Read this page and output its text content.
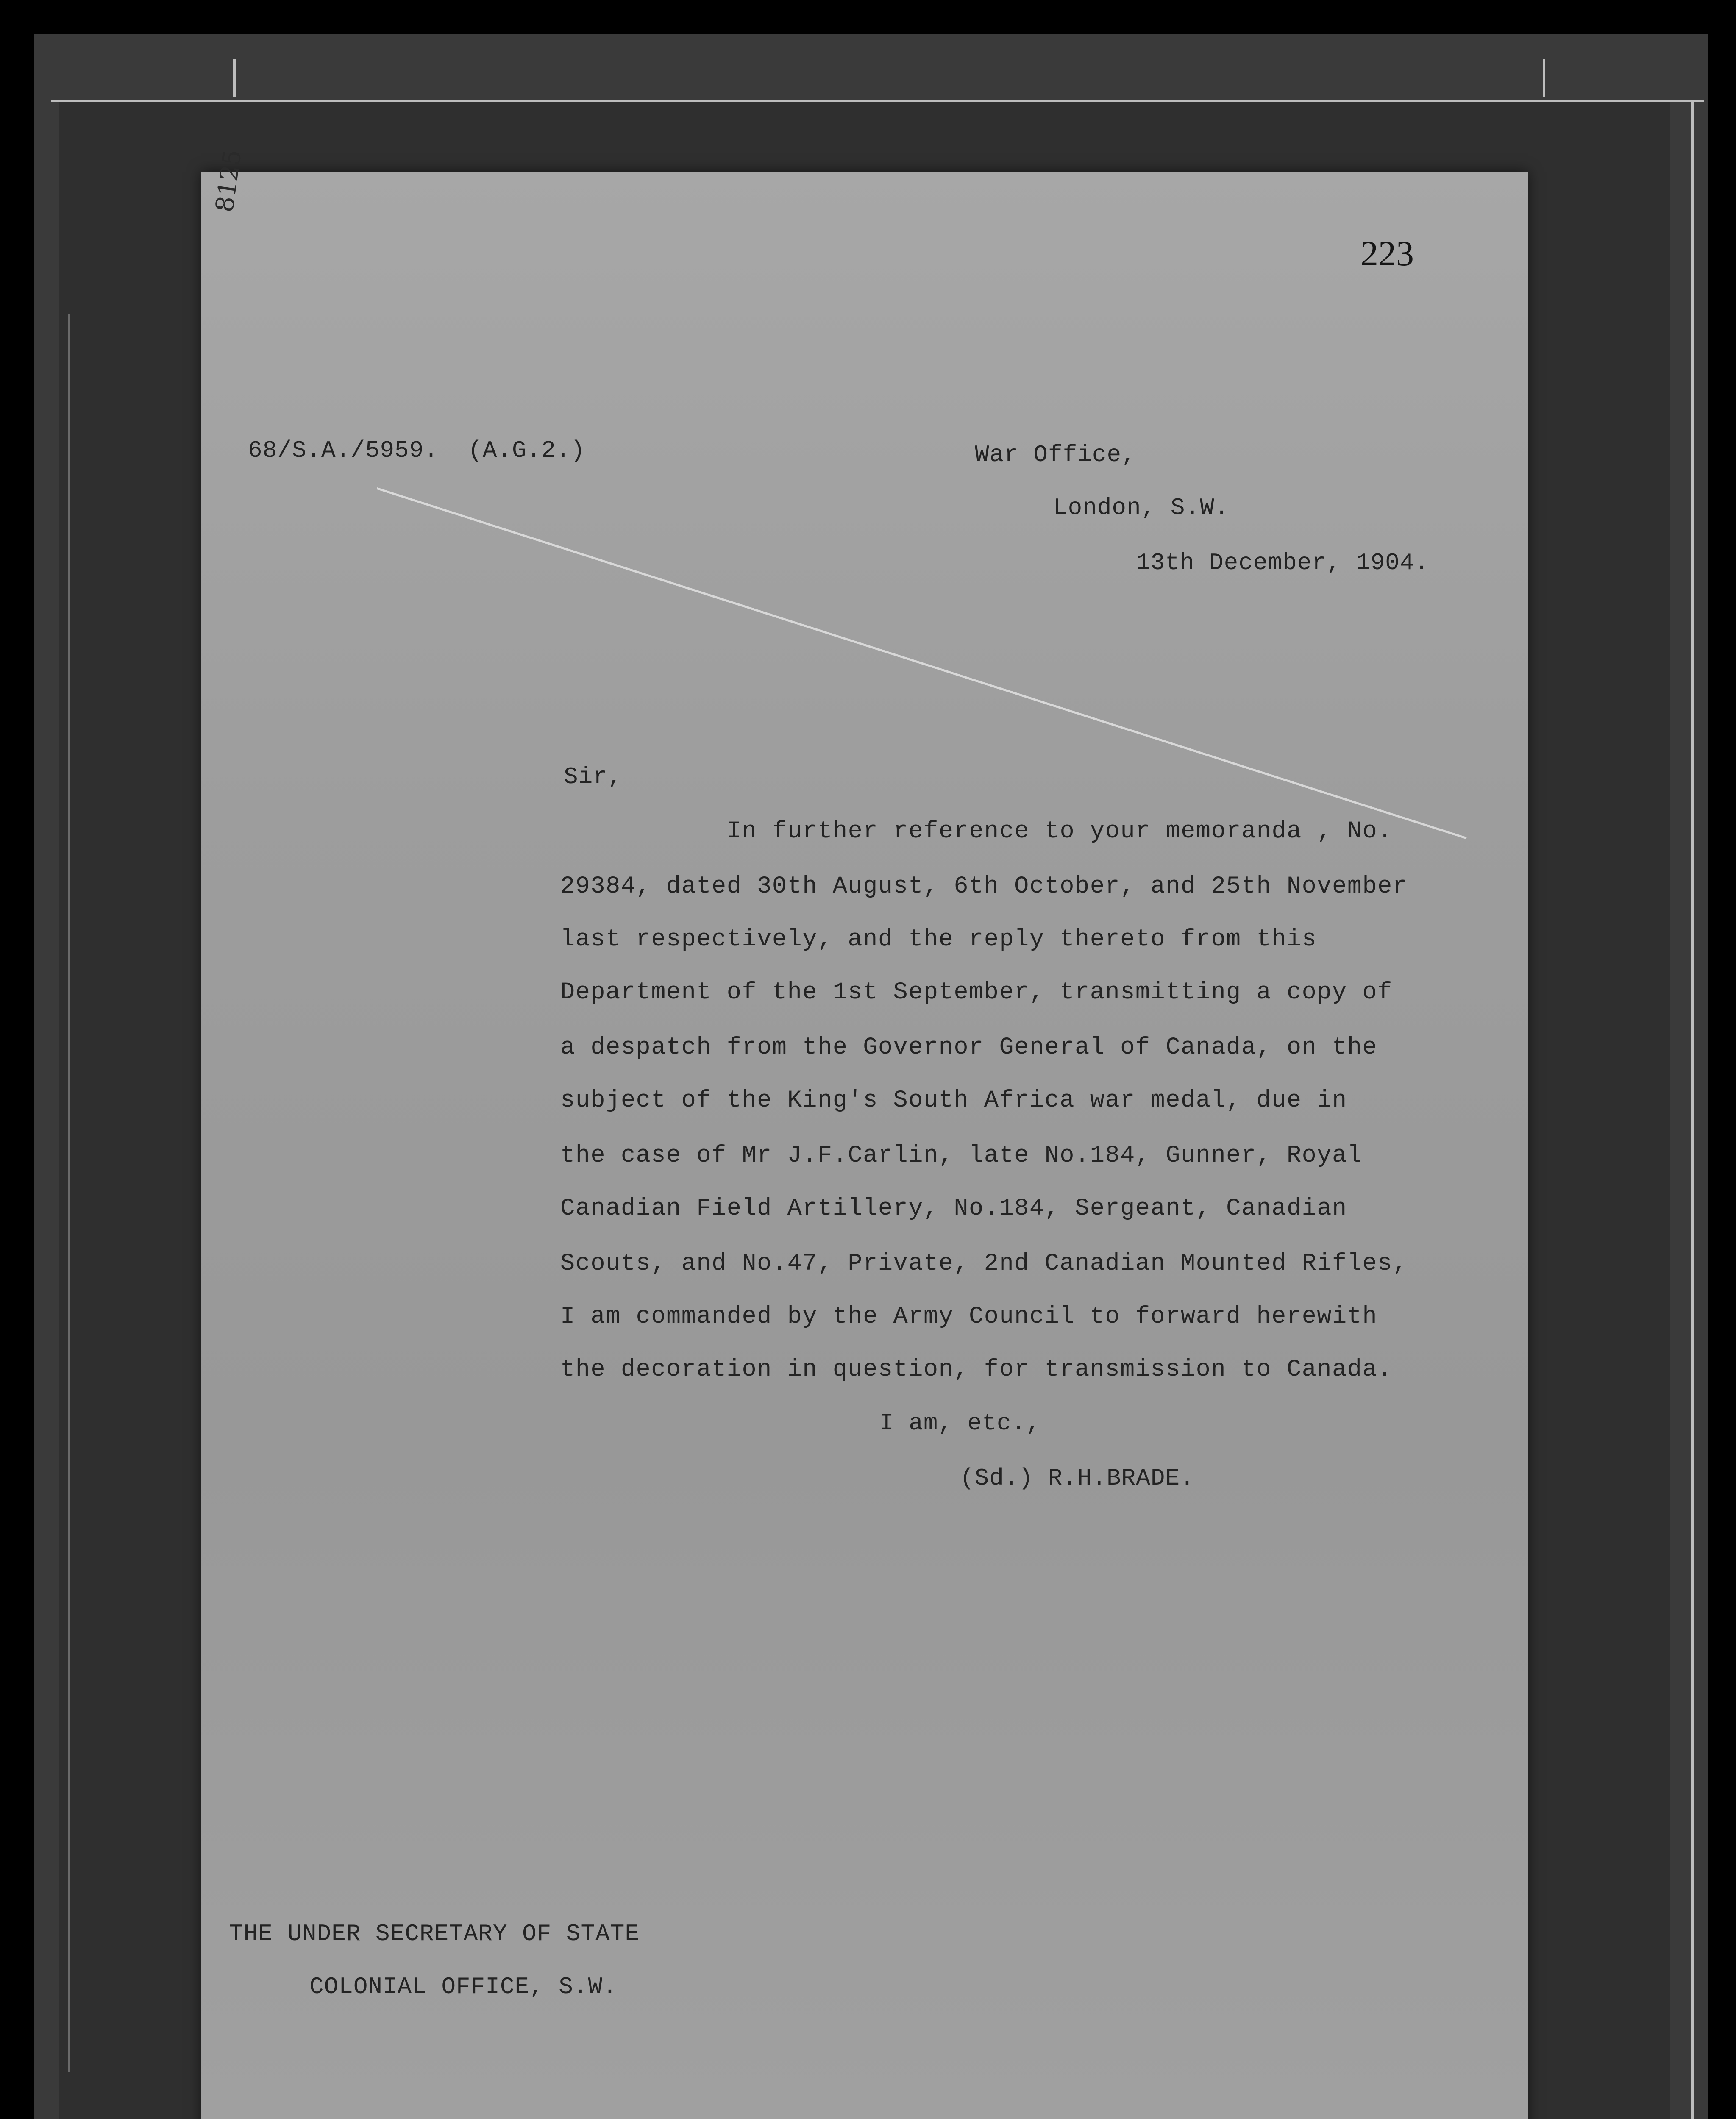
8125
223
68/S.A./5959.  (A.G.2.)	War Office,
London, S.W.
13th December, 1904.
Sir,
In further reference to your memoranda , No.
29384, dated 30th August, 6th October, and 25th November
last respectively, and the reply thereto from this
Department of the 1st September, transmitting a copy of
a despatch from the Governor General of Canada, on the
subject of the King's South Africa war medal, due in
the case of Mr J.F.Carlin, late No.184, Gunner, Royal
Canadian Field Artillery, No.184, Sergeant, Canadian
Scouts, and No.47, Private, 2nd Canadian Mounted Rifles,
I am commanded by the Army Council to forward herewith
the decoration in question, for transmission to Canada.
I am, etc.,
(Sd.) R.H.BRADE.
THE UNDER SECRETARY OF STATE
COLONIAL OFFICE, S.W.
